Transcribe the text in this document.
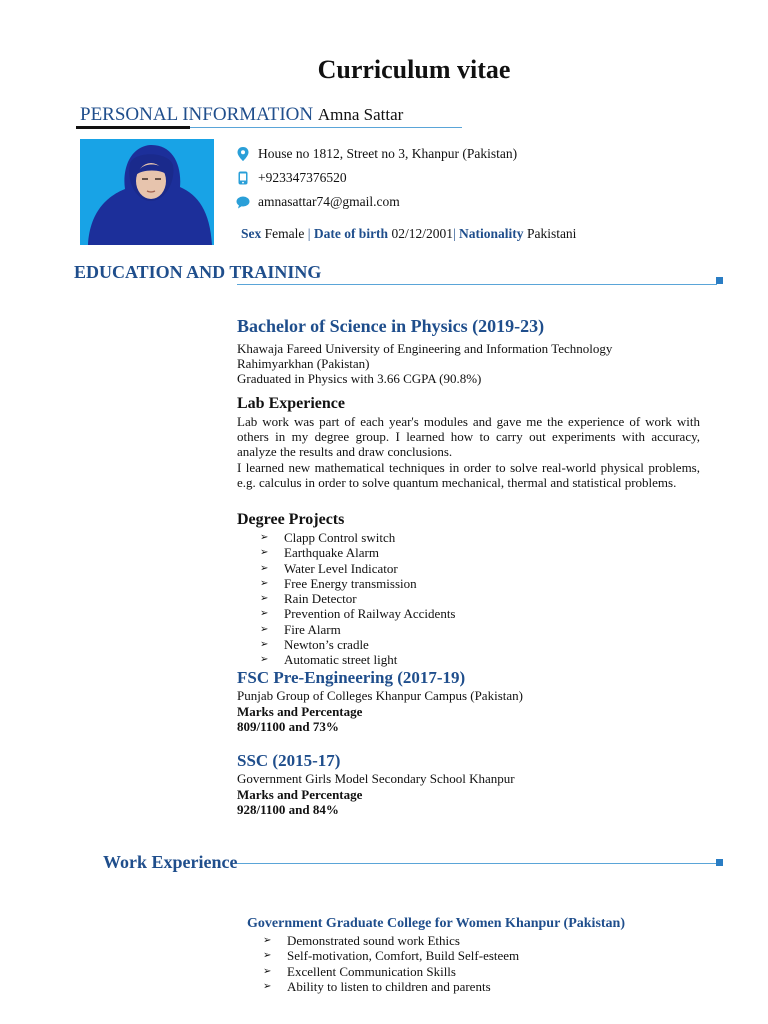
Curriculum vitae
PERSONAL INFORMATION Amna Sattar
House no 1812, Street no 3, Khanpur (Pakistan)
+923347376520
amnasattar74@gmail.com
Sex Female | Date of birth 02/12/2001| Nationality Pakistani
EDUCATION AND TRAINING
Bachelor of Science in Physics (2019-23)
Khawaja Fareed University of Engineering and Information Technology
Rahimyarkhan (Pakistan)
Graduated in Physics with 3.66 CGPA (90.8%)
Lab Experience
Lab work was part of each year's modules and gave me the experience of work with others in my degree group. I learned how to carry out experiments with accuracy, analyze the results and draw conclusions.
I learned new mathematical techniques in order to solve real-world physical problems, e.g. calculus in order to solve quantum mechanical, thermal and statistical problems.
Degree Projects
➢	Clapp Control switch
➢	Earthquake Alarm
➢	Water Level Indicator
➢	Free Energy transmission
➢	Rain Detector
➢	Prevention of Railway Accidents
➢	Fire Alarm
➢	Newton’s cradle
➢	Automatic street light
FSC Pre-Engineering (2017-19)
Punjab Group of Colleges Khanpur Campus (Pakistan)
Marks and Percentage
809/1100 and 73%
SSC (2015-17)
Government Girls Model Secondary School Khanpur
Marks and Percentage
928/1100 and 84%
Work Experience
Government Graduate College for Women Khanpur (Pakistan)
➢	Demonstrated sound work Ethics
➢	Self-motivation, Comfort, Build Self-esteem
➢	Excellent Communication Skills
➢	Ability to listen to children and parents
